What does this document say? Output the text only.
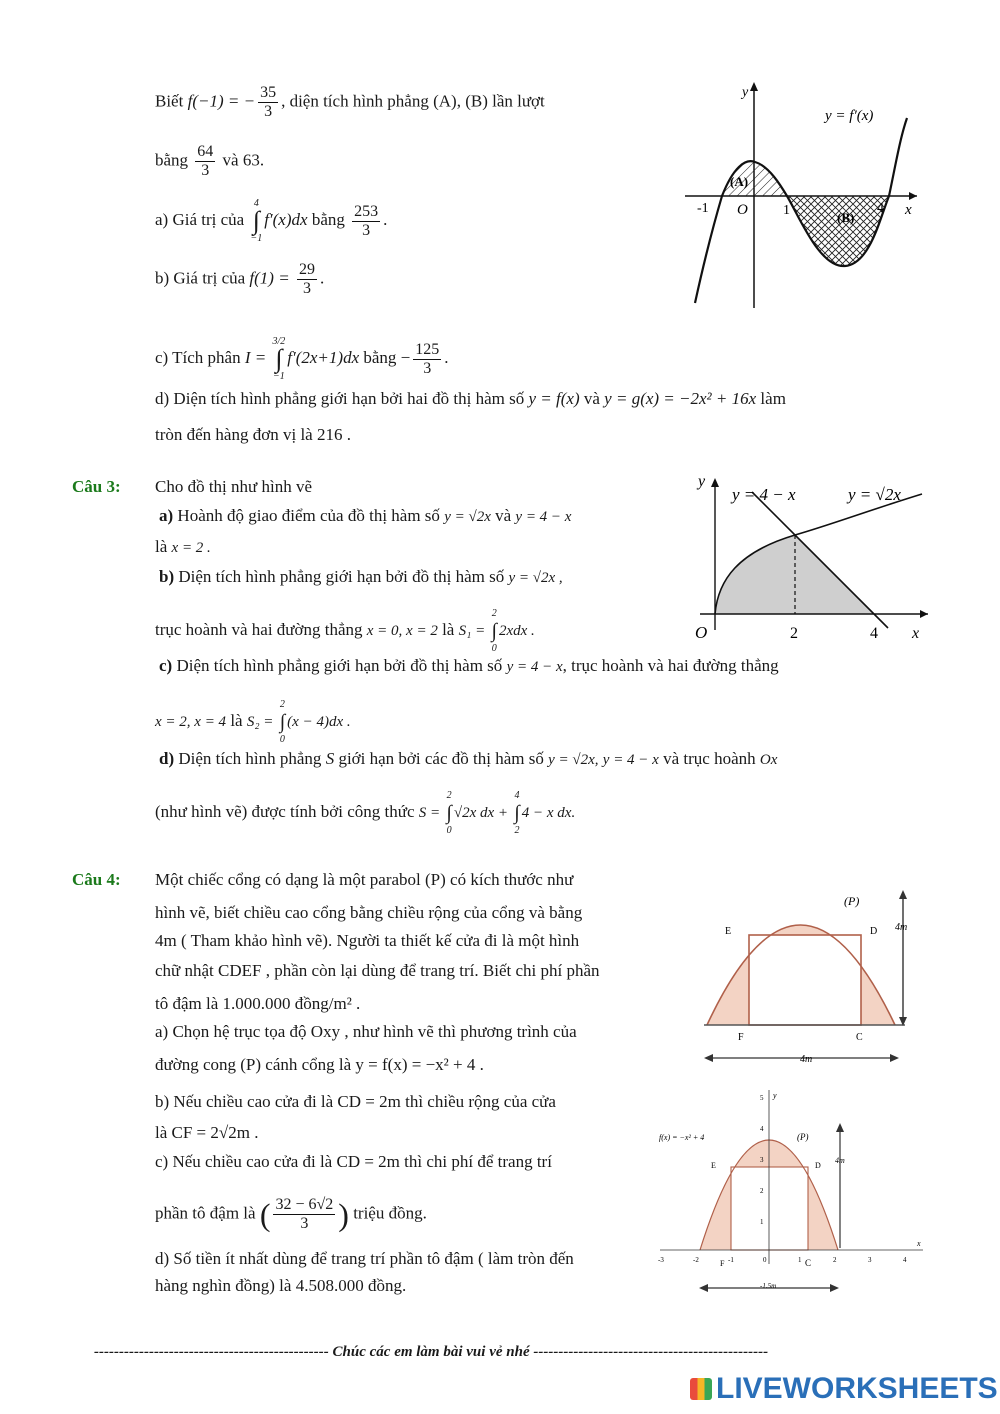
Biết f(−1) = − $\frac{35}{3}$ , diện tích hình phẳng (A), (B) lần lượt
bằng $\frac{64}{3}$ và 63.
a) Giá trị của
4
∫
−1
f′(x)dx bằng $\frac{253}{3}$ .
b) Giá trị của $f(1) = \frac{29}{3}$ .
c) Tích phân I =
3/2
∫
−1
f′(2x+1)dx bằng − $\frac{125}{3}$ .
d) Diện tích hình phẳng giới hạn bởi hai đồ thị hàm số y = f(x) và y = g(x) = −2x² + 16x làm
tròn đến hàng đơn vị là 216 .
y
y = f′(x)
(A)
(B)
-1 O	1	4 x
Câu 3: Cho đồ thị như hình vẽ
a) Hoành độ giao điểm của đồ thị hàm số y = √2x và y = 4 − x
là x = 2 .
b) Diện tích hình phẳng giới hạn bởi đồ thị hàm số y = √2x ,
trục hoành và hai đường thẳng x = 0, x = 2 là S₁ =
2
∫
0
2xdx .
c) Diện tích hình phẳng giới hạn bởi đồ thị hàm số y = 4 − x, trục hoành và hai đường thẳng
x = 2, x = 4 là S₂ =
2
∫
0
(x − 4)dx .
d) Diện tích hình phẳng S giới hạn bởi các đồ thị hàm số y = √2x, y = 4 − x và trục hoành Ox
(như hình vẽ) được tính bởi công thức S =
2
∫
0
√2x dx +
4
∫
2
4 − x dx.
y
y = 4 − x	y = √2x
O	2	4 x
Câu 4: Một chiếc cổng có dạng là một parabol (P) có kích thước như
hình vẽ, biết chiều cao cổng bằng chiều rộng của cổng và bằng
4m ( Tham khảo hình vẽ). Người ta thiết kế cửa đi là một hình
chữ nhật CDEF , phần còn lại dùng để trang trí. Biết chi phí phần
tô đậm là 1.000.000 đồng/m² .
a) Chọn hệ trục tọa độ Oxy , như hình vẽ thì phương trình của
đường cong (P) cánh cổng là y = f(x) = −x² + 4 .
b) Nếu chiều cao cửa đi là CD = 2m thì chiều rộng của cửa
là CF = 2√2m .
c) Nếu chiều cao cửa đi là CD = 2m thì chi phí để trang trí
phần tô đậm là ( $\frac{32 - 6√2}{3}$ ) triệu đồng.
d) Số tiền ít nhất dùng để trang trí phần tô đậm ( làm tròn đến
hàng nghìn đồng) là 4.508.000 đồng.
(P)
E	D
F	C
4m
4m
f(x) = −x² + 4	(P)
E	D
F	C
4m
y
x
-1.5m
5
4
3
2
1
-3	-2	-1	0	1	2	3	4
----------------------------------------------- Chúc các em làm bài vui vẻ nhé -----------------------------------------------
LIVEWORKSHEETS
